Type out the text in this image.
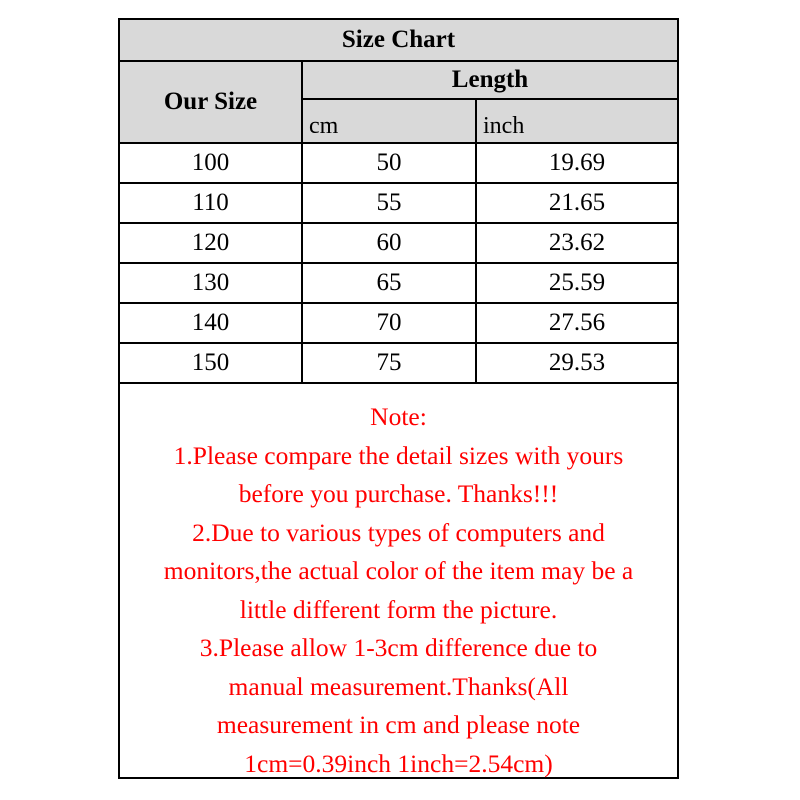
Size Chart
Our Size
Length
cm	inch
100	50	19.69
110	55	21.65
120	60	23.62
130	65	25.59
140	70	27.56
150	75	29.53
Note:
1.Please compare the detail sizes with yours
before you purchase. Thanks!!!
2.Due to various types of computers and
monitors,the actual color of the item may be a
little different form the picture.
3.Please allow 1-3cm difference due to
manual measurement.Thanks(All
measurement in cm and please note
1cm=0.39inch 1inch=2.54cm)
